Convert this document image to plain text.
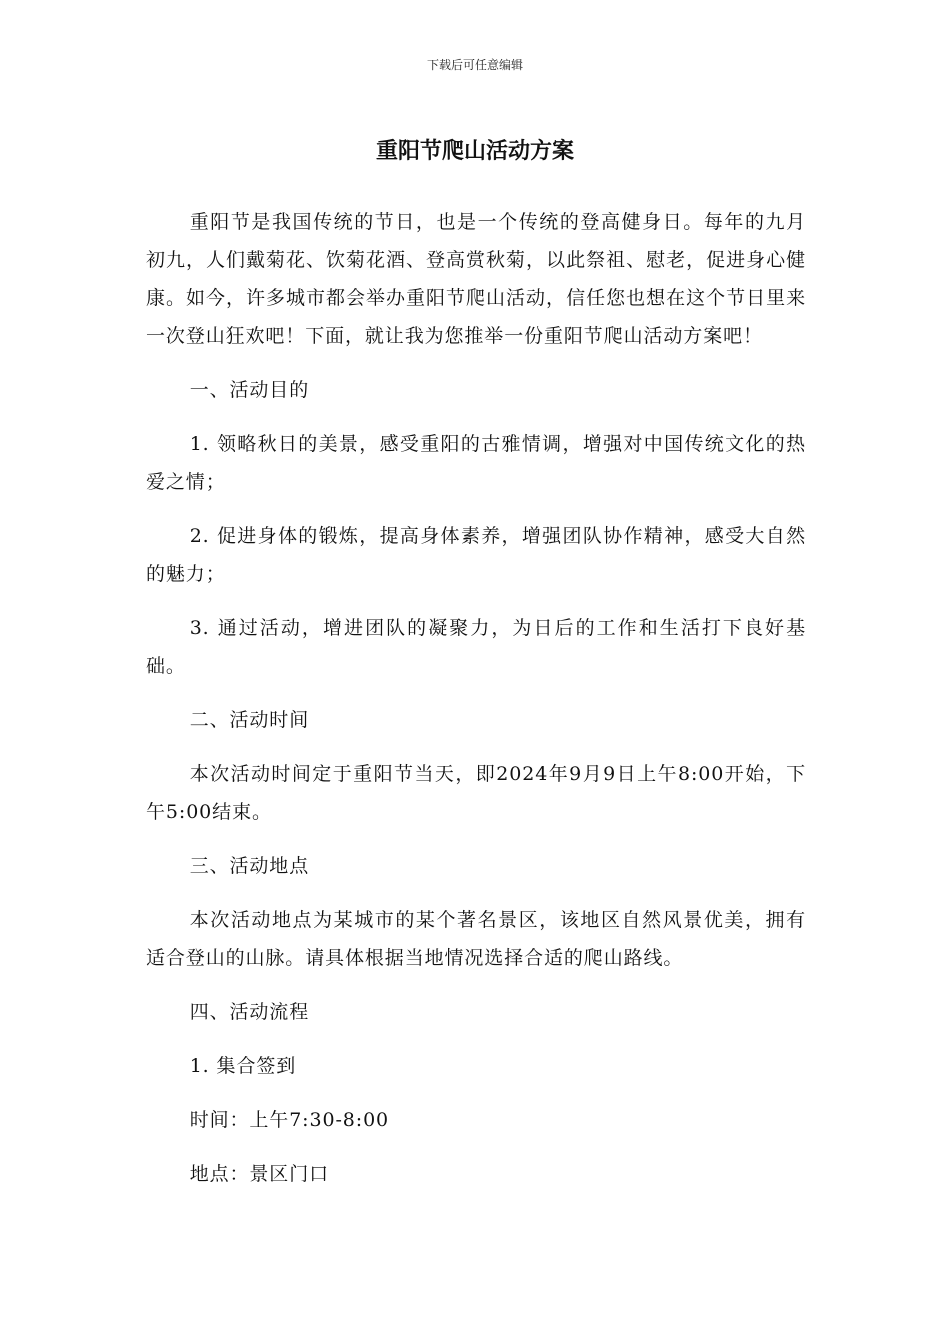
下载后可任意编辑
重阳节爬山活动方案

重阳节是我国传统的节日，也是一个传统的登高健身日。每年的九月初九，人们戴菊花、饮菊花酒、登高赏秋菊，以此祭祖、慰老，促进身心健康。如今，许多城市都会举办重阳节爬山活动，信任您也想在这个节日里来一次登山狂欢吧！下面，就让我为您推举一份重阳节爬山活动方案吧！

一、活动目的

1. 领略秋日的美景，感受重阳的古雅情调，增强对中国传统文化的热爱之情；

2. 促进身体的锻炼，提高身体素养，增强团队协作精神，感受大自然的魅力；

3. 通过活动，增进团队的凝聚力，为日后的工作和生活打下良好基础。

二、活动时间

本次活动时间定于重阳节当天，即2024年9月9日上午8:00开始，下午5:00结束。

三、活动地点

本次活动地点为某城市的某个著名景区，该地区自然风景优美，拥有适合登山的山脉。请具体根据当地情况选择合适的爬山路线。

四、活动流程

1. 集合签到

时间：上午7:30-8:00

地点：景区门口
